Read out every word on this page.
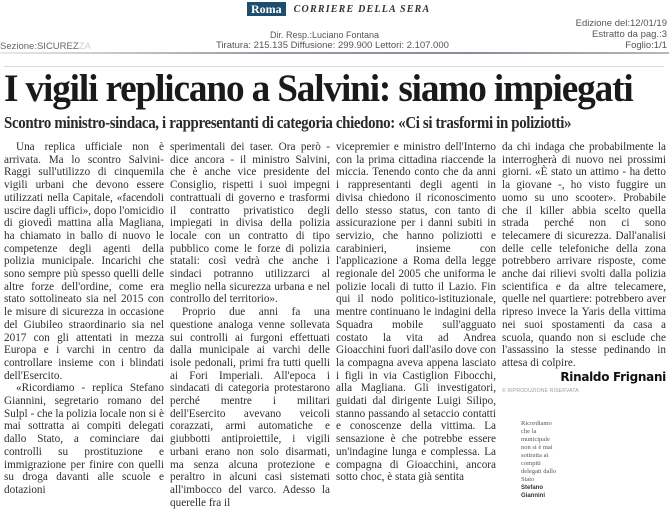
Roma	CORRIERE DELLA SERA
Dir. Resp.:Luciano Fontana
Tiratura: 215.135 Diffusione: 299.900 Lettori: 2.107.000
Sezione:SICUREZZA
Edizione del:12/01/19
Estratto da pag.:3
Foglio:1/1
I vigili replicano a Salvini: siamo impiegati
Scontro ministro-sindaca, i rappresentanti di categoria chiedono: «Ci si trasformi in poliziotti»

Una replica ufficiale non è arrivata. Ma lo scontro Salvini-Raggi sull'utilizzo di cinquemila vigili urbani che devono essere utilizzati nella Capitale, «facendoli uscire dagli uffici», dopo l'omicidio di giovedì mattina alla Magliana, ha chiamato in ballo di nuovo le competenze degli agenti della polizia municipale. Incarichi che sono sempre più spesso quelli delle altre forze dell'ordine, come era stato sottolineato sia nel 2015 con le misure di sicurezza in occasione del Giubileo straordinario sia nel 2017 con gli attentati in mezza Europa e i varchi in centro da controllare insieme con i blindati dell'Esercito.

«Ricordiamo - replica Stefano Giannini, segretario romano del Sulpl - che la polizia locale non si è mai sottratta ai compiti delegati dallo Stato, a cominciare dai controlli su prostituzione e immigrazione per finire con quelli su droga davanti alle scuole e dotazioni

sperimentali dei taser. Ora però - dice ancora - il ministro Salvini, che è anche vice presidente del Consiglio, rispetti i suoi impegni contrattuali di governo e trasformi il contratto privatistico degli impiegati in divisa della polizia locale con un contratto di tipo pubblico come le forze di polizia statali: così vedrà che anche i sindaci potranno utilizzarci al meglio nella sicurezza urbana e nel controllo del territorio».

Proprio due anni fa una questione analoga venne sollevata sui controlli ai furgoni effettuati dalla municipale ai varchi delle isole pedonali, primi fra tutti quelli ai Fori Imperiali. All'epoca i sindacati di categoria protestarono perché mentre i militari dell'Esercito avevano veicoli corazzati, armi automatiche e giubbotti antiproiettile, i vigili urbani erano non solo disarmati, ma senza alcuna protezione e peraltro in alcuni casi sistemati all'imbocco del varco. Adesso la querelle fra il

vicepremier e ministro dell'Interno con la prima cittadina riaccende la miccia. Tenendo conto che da anni i rappresentanti degli agenti in divisa chiedono il riconoscimento dello stesso status, con tanto di assicurazione per i danni subiti in servizio, che hanno poliziotti e carabinieri, insieme con l'applicazione a Roma della legge regionale del 2005 che uniforma le polizie locali di tutto il Lazio. Fin qui il nodo politico-istituzionale, mentre continuano le indagini della Squadra mobile sull'agguato costato la vita ad Andrea Gioacchini fuori dall'asilo dove con la compagna aveva appena lasciato i figli in via Castiglion Fibocchi, alla Magliana. Gli investigatori, guidati dal dirigente Luigi Silipo, stanno passando al setaccio contatti e conoscenze della vittima. La sensazione è che potrebbe essere un'indagine lunga e complessa. La compagna di Gioacchini, ancora sotto choc, è stata già sentita

da chi indaga che probabilmente la interrogherà di nuovo nei prossimi giorni. «È stato un attimo - ha detto la giovane -, ho visto fuggire un uomo su uno scooter». Probabile che il killer abbia scelto quella strada perché non ci sono telecamere di sicurezza. Dall'analisi delle celle telefoniche della zona potrebbero arrivare risposte, come anche dai rilievi svolti dalla polizia scientifica e da altre telecamere, quelle nel quartiere: potrebbero aver ripreso invece la Yaris della vittima nei suoi spostamenti da casa a scuola, quando non si esclude che l'assassino la stesse pedinando in attesa di colpire.

Rinaldo Frignani
© RIPRODUZIONE RISERVATA
Ricordiamo che la municipale non si è mai sottratta ai compiti delegati dallo Stato
Stefano Giannini
